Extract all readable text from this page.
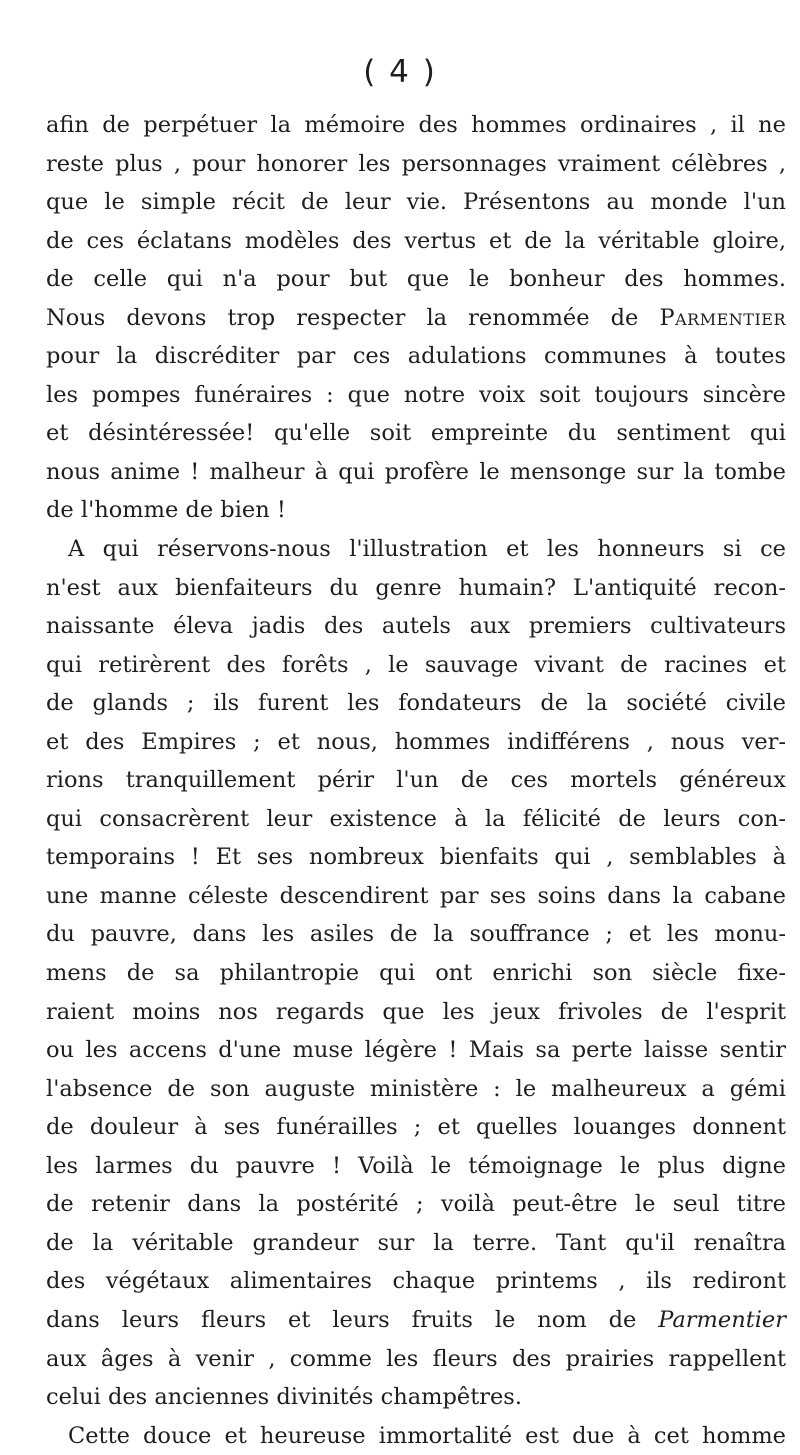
( 4 )
afin de perpétuer la mémoire des hommes ordinaires , il ne
reste plus , pour honorer les personnages vraiment célèbres ,
que le simple récit de leur vie. Présentons au monde l'un
de ces éclatans modèles des vertus et de la véritable gloire,
de celle qui n'a pour but que le bonheur des hommes.
Nous devons trop respecter la renommée de Parmentier
pour la discréditer par ces adulations communes à toutes
les pompes funéraires : que notre voix soit toujours sincère
et désintéressée! qu'elle soit empreinte du sentiment qui
nous anime ! malheur à qui profère le mensonge sur la tombe
de l'homme de bien !
A qui réservons-nous l'illustration et les honneurs si ce
n'est aux bienfaiteurs du genre humain? L'antiquité recon-
naissante éleva jadis des autels aux premiers cultivateurs
qui retirèrent des forêts , le sauvage vivant de racines et
de glands ; ils furent les fondateurs de la société civile
et des Empires ; et nous, hommes indifférens , nous ver-
rions tranquillement périr l'un de ces mortels généreux
qui consacrèrent leur existence à la félicité de leurs con-
temporains ! Et ses nombreux bienfaits qui , semblables à
une manne céleste descendirent par ses soins dans la cabane
du pauvre, dans les asiles de la souffrance ; et les monu-
mens de sa philantropie qui ont enrichi son siècle fixe-
raient moins nos regards que les jeux frivoles de l'esprit
ou les accens d'une muse légère ! Mais sa perte laisse sentir
l'absence de son auguste ministère : le malheureux a gémi
de douleur à ses funérailles ; et quelles louanges donnent
les larmes du pauvre ! Voilà le témoignage le plus digne
de retenir dans la postérité ; voilà peut-être le seul titre
de la véritable grandeur sur la terre. Tant qu'il renaîtra
des végétaux alimentaires chaque printems , ils rediront
dans leurs fleurs et leurs fruits le nom de Parmentier
aux âges à venir , comme les fleurs des prairies rappellent
celui des anciennes divinités champêtres.
Cette douce et heureuse immortalité est due à cet homme
